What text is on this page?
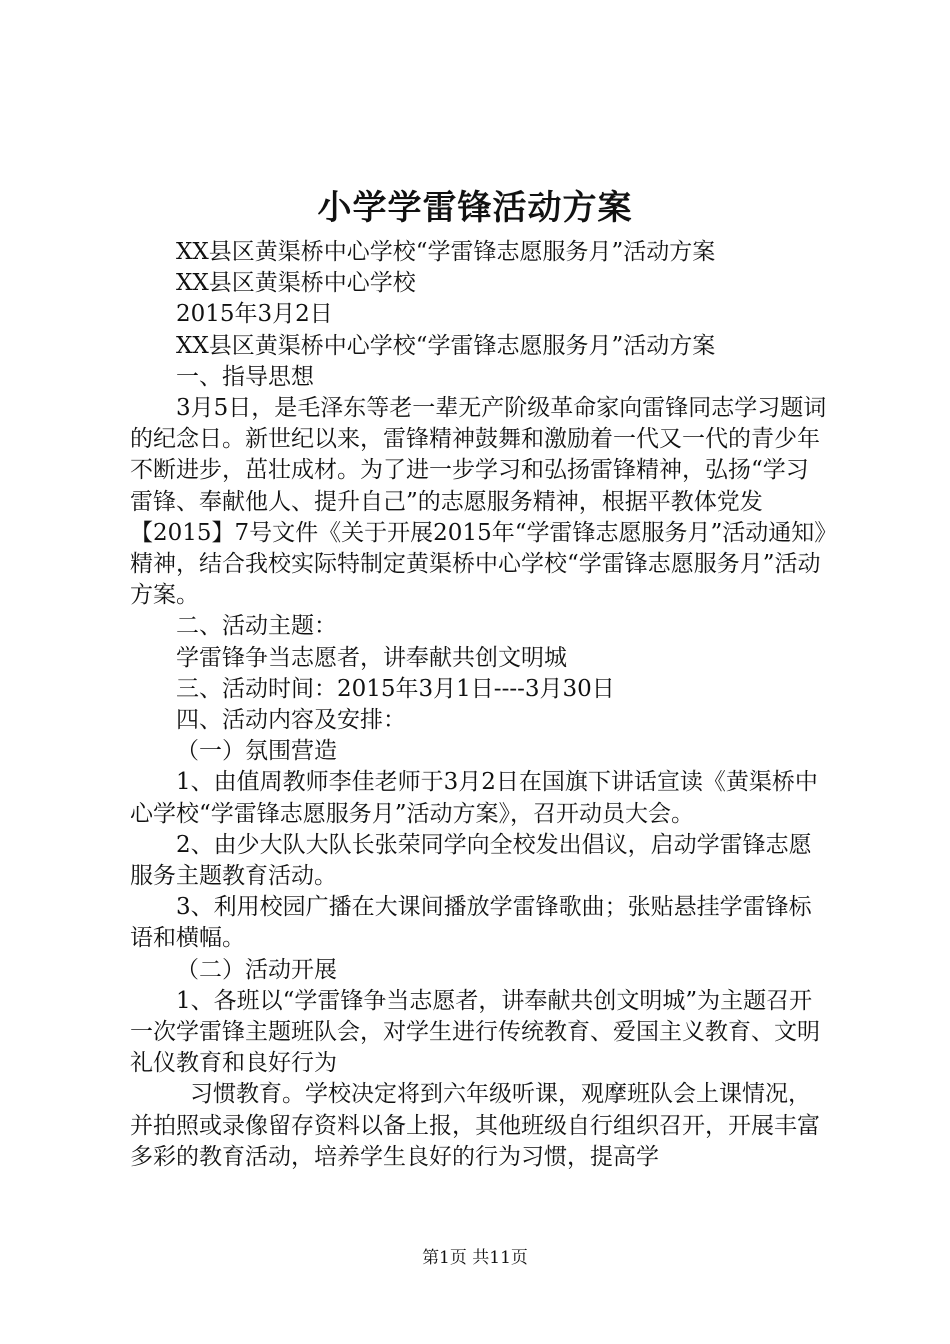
小学学雷锋活动方案

XX县区黄渠桥中心学校“学雷锋志愿服务月”活动方案

XX县区黄渠桥中心学校

2015年3月2日

XX县区黄渠桥中心学校“学雷锋志愿服务月”活动方案

一、指导思想

3月5日，是毛泽东等老一辈无产阶级革命家向雷锋同志学习题词的纪念日。新世纪以来，雷锋精神鼓舞和激励着一代又一代的青少年不断进步，茁壮成材。为了进一步学习和弘扬雷锋精神，弘扬“学习雷锋、奉献他人、提升自己”的志愿服务精神，根据平教体党发【2015】7号文件《关于开展2015年“学雷锋志愿服务月”活动通知》精神，结合我校实际特制定黄渠桥中心学校“学雷锋志愿服务月”活动方案。

二、活动主题：

学雷锋争当志愿者，讲奉献共创文明城

三、活动时间：2015年3月1日----3月30日

四、活动内容及安排：

（一）氛围营造

1、由值周教师李佳老师于3月2日在国旗下讲话宣读《黄渠桥中心学校“学雷锋志愿服务月”活动方案》，召开动员大会。

2、由少大队大队长张荣同学向全校发出倡议，启动学雷锋志愿服务主题教育活动。

3、利用校园广播在大课间播放学雷锋歌曲；张贴悬挂学雷锋标语和横幅。

（二）活动开展

1、各班以“学雷锋争当志愿者，讲奉献共创文明城”为主题召开一次学雷锋主题班队会，对学生进行传统教育、爱国主义教育、文明礼仪教育和良好行为

习惯教育。学校决定将到六年级听课，观摩班队会上课情况，并拍照或录像留存资料以备上报，其他班级自行组织召开，开展丰富多彩的教育活动，培养学生良好的行为习惯，提高学

第1页 共11页
